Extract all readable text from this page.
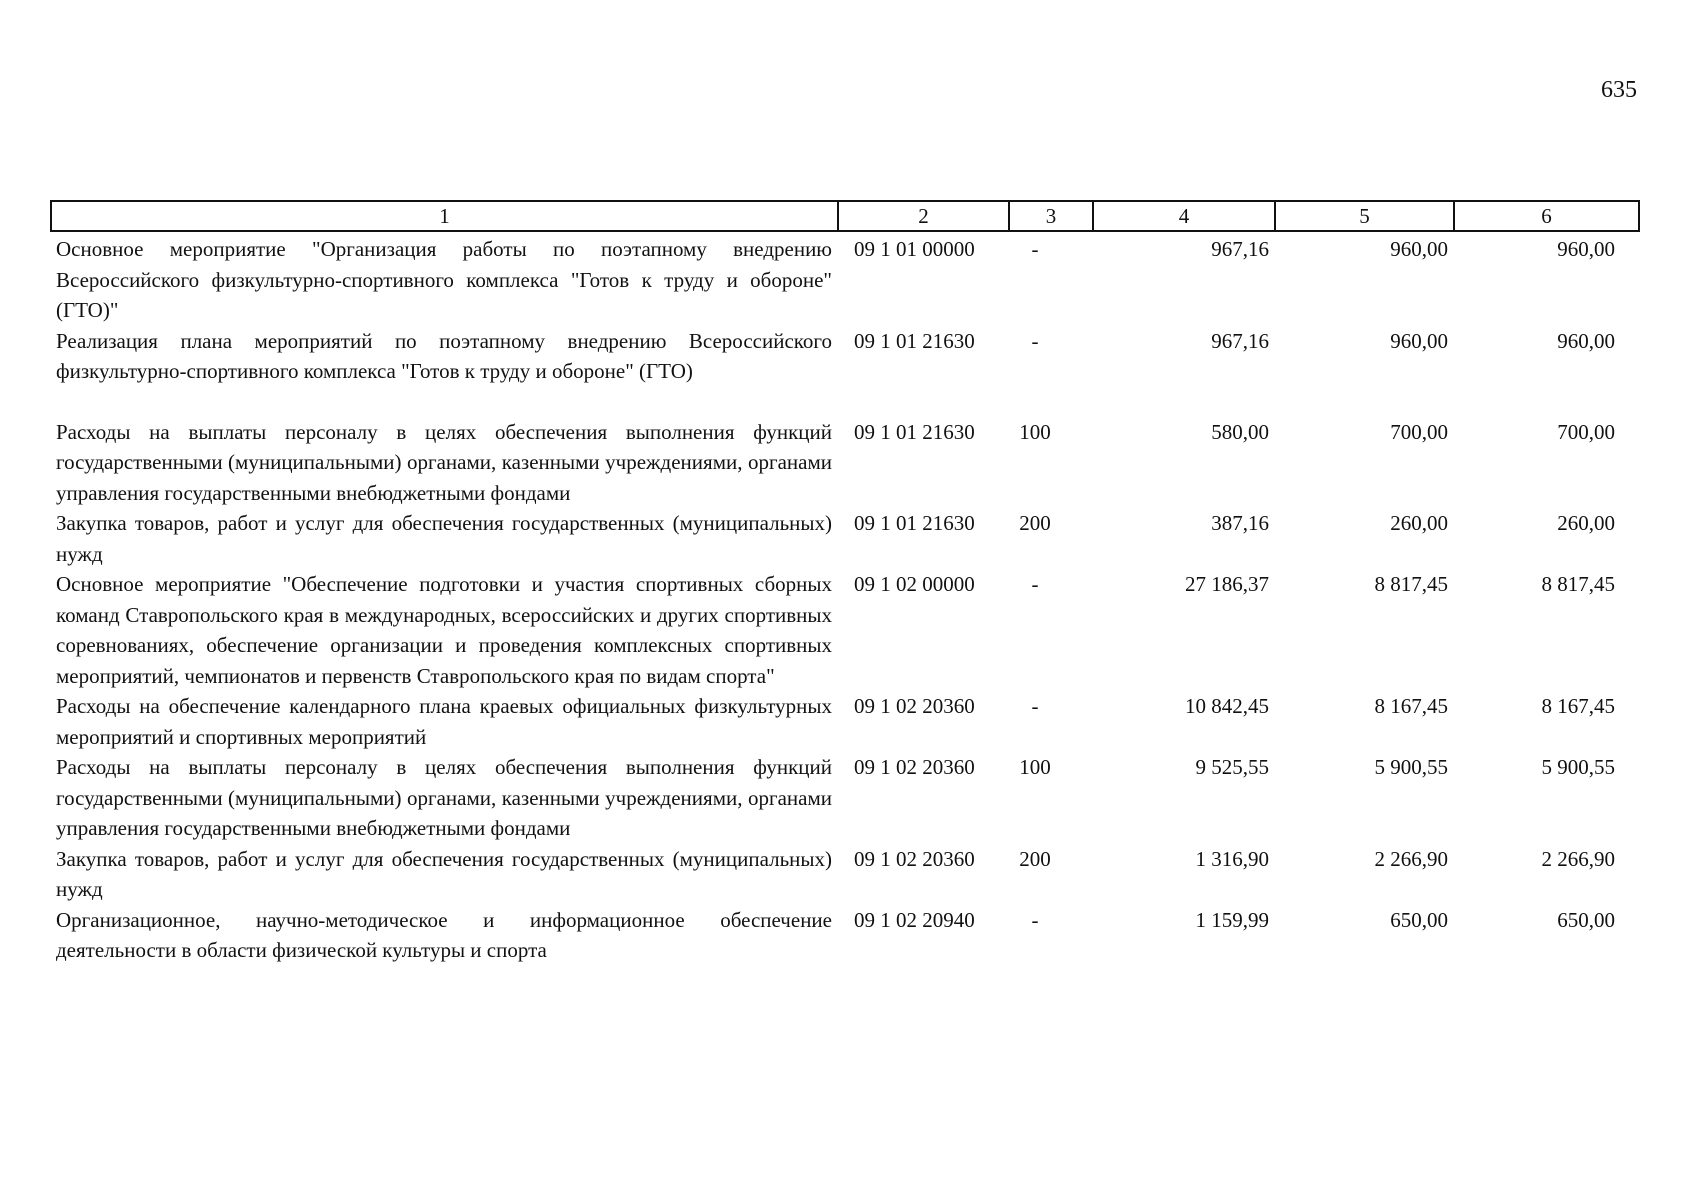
635
1	2	3	4	5	6
Основное мероприятие "Организация работы по поэтапному внедрению Всероссийского физкультурно-спортивного комплекса "Готов к труду и обороне" (ГТО)"	09 1 01 00000	-	967,16	960,00	960,00
Реализация плана мероприятий по поэтапному внедрению Всероссийского физкультурно-спортивного комплекса "Готов к труду и обороне" (ГТО)	09 1 01 21630	-	967,16	960,00	960,00
Расходы на выплаты персоналу в целях обеспечения выполнения функций государственными (муниципальными) органами, казенными учреждениями, органами управления государственными внебюджетными фондами	09 1 01 21630	100	580,00	700,00	700,00
Закупка товаров, работ и услуг для обеспечения государственных (муниципальных) нужд	09 1 01 21630	200	387,16	260,00	260,00
Основное мероприятие "Обеспечение подготовки и участия спортивных сборных команд Ставропольского края в международных, всероссийских и других спортивных соревнованиях, обеспечение организации и проведения комплексных спортивных мероприятий, чемпионатов и первенств Ставропольского края по видам спорта"	09 1 02 00000	-	27 186,37	8 817,45	8 817,45
Расходы на обеспечение календарного плана краевых официальных физкультурных мероприятий и спортивных мероприятий	09 1 02 20360	-	10 842,45	8 167,45	8 167,45
Расходы на выплаты персоналу в целях обеспечения выполнения функций государственными (муниципальными) органами, казенными учреждениями, органами управления государственными внебюджетными фондами	09 1 02 20360	100	9 525,55	5 900,55	5 900,55
Закупка товаров, работ и услуг для обеспечения государственных (муниципальных) нужд	09 1 02 20360	200	1 316,90	2 266,90	2 266,90
Организационное, научно-методическое и информационное обеспечение деятельности в области физической культуры и спорта	09 1 02 20940	-	1 159,99	650,00	650,00
